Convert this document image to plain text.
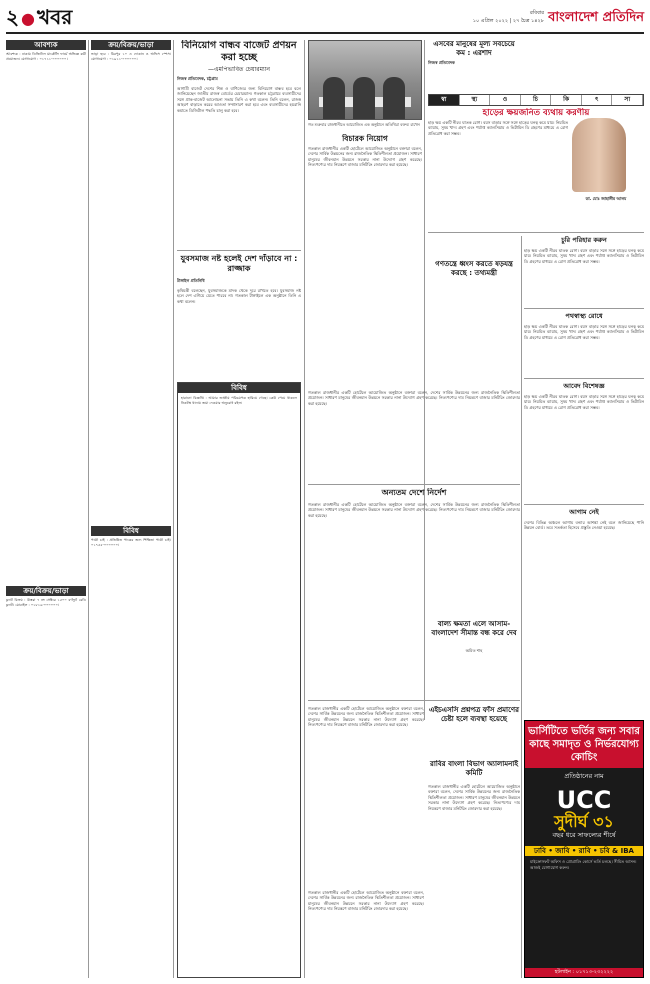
২ ● খবর	রবিবার
১০ এপ্রিল ২০২২ | ২৭ চৈত্র ১৪২৮ বাংলাদেশ প্রতিদিন
আবশ্যক
আবশ্যক : ঢাকায় ডিজিটাল মার্কেটিং ফার্মে অভিজ্ঞ কর্মী প্রয়োজন। যোগাযোগ : ০১৭১১-০০০০০০।
ক্রয়/বিক্রয়/ভাড়া
ফ্ল্যাট বিক্রয় : উত্তরা ৭ নং সেক্টরে ১৫০০ বর্গফুট রেডি ফ্ল্যাট। মোবাইল : ০১৮১৯-০০০০০০।
ক্রয়/বিক্রয়/ভাড়া
ভাড়া হবে : মিরপুর ১০ এ দোকান ও অফিস স্পেস। যোগাযোগ : ০১৯১১-০০০০০০।
বিবিধ
পাত্রী চাই : প্রতিষ্ঠিত পাত্রের জন্য শিক্ষিতা পাত্রী চাই। ০১৭৫৫-০০০০০০।
বিনিয়োগ বান্ধব বাজেট প্রণয়ন করা হচ্ছে
—এমপিভাবিত চেয়ারম্যান
নিজস্ব প্রতিবেদক, চট্টগ্রাম
আগামী বাজেট দেশের শিল্প ও বাণিজ্যের জন্য বিনিয়োগ বান্ধব হবে বলে জানিয়েছেন জাতীয় রাজস্ব বোর্ডের চেয়ারম্যান। গতকাল চট্টগ্রামে ব্যবসায়ীদের সঙ্গে প্রাক-বাজেট আলোচনা সভায় তিনি এ কথা বলেন। তিনি বলেন, রাজস্ব আহরণ বাড়াতে করের আওতা সম্প্রসারণ করা হবে এবং ব্যবসায়ীদের হয়রানি কমাতে ডিজিটাল পদ্ধতি চালু করা হবে।
যুবসমাজ নষ্ট হলেই দেশ দাঁড়াবে না : রাজ্জাক
টাঙ্গাইল প্রতিনিধি
কৃষিমন্ত্রী বলেছেন, যুবসমাজকে মাদক থেকে দূরে রাখতে হবে। যুবসমাজ নষ্ট হলে দেশ এগিয়ে যেতে পারবে না। গতকাল টাঙ্গাইলে এক অনুষ্ঠানে তিনি এ কথা বলেন।
বিবিধ
হারানো বিজ্ঞপ্তি : আমার জাতীয় পরিচয়পত্র হারিয়ে গেছে। কেউ পেয়ে থাকলে নিকটস্থ থানায় জমা দেওয়ার অনুরোধ রইল।
গত শুক্রবার রাজধানীতে আয়োজিত এক অনুষ্ঠানে অতিথিরা বক্তব্য রাখেন
বিচারক নিয়োগ
গতকাল রাজধানীর একটি হোটেলে আয়োজিত অনুষ্ঠানে বক্তারা বলেন, দেশের সার্বিক উন্নয়নের জন্য রাজনৈতিক স্থিতিশীলতা প্রয়োজন। সাধারণ মানুষের জীবনমান উন্নয়নে সরকার নানা উদ্যোগ গ্রহণ করেছে। নিত্যপণ্যের দাম নিয়ন্ত্রণে বাজার মনিটরিং জোরদার করা হয়েছে।
এসবের মানুষের মূল্য সবচেয়ে কম : এরশাদ
নিজস্ব প্রতিবেদক
গতকাল রাজধানীর একটি হোটেলে আয়োজিত অনুষ্ঠানে বক্তারা বলেন, দেশের সার্বিক উন্নয়নের জন্য রাজনৈতিক স্থিতিশীলতা প্রয়োজন। সাধারণ মানুষের জীবনমান উন্নয়নে সরকার নানা উদ্যোগ গ্রহণ করেছে। নিত্যপণ্যের দাম নিয়ন্ত্রণে বাজার মনিটরিং জোরদার করা হয়েছে।
গণতন্ত্রে ধ্বংস করতে ষড়যন্ত্র করছে : তথ্যমন্ত্রী
অন্যতম দেশে নির্দেশ
গতকাল রাজধানীর একটি হোটেলে আয়োজিত অনুষ্ঠানে বক্তারা বলেন, দেশের সার্বিক উন্নয়নের জন্য রাজনৈতিক স্থিতিশীলতা প্রয়োজন। সাধারণ মানুষের জীবনমান উন্নয়নে সরকার নানা উদ্যোগ গ্রহণ করেছে। নিত্যপণ্যের দাম নিয়ন্ত্রণে বাজার মনিটরিং জোরদার করা হয়েছে।
বাল্য ক্ষমতা এলে আসাম-বাংলাদেশ সীমান্ত বন্ধ করে দেব
অমিত শাহ
এইচএসসি প্রশ্নপত্র ফাঁস প্রমাণের চেষ্টা হলে ব্যবস্থা হয়েছে
গতকাল রাজধানীর একটি হোটেলে আয়োজিত অনুষ্ঠানে বক্তারা বলেন, দেশের সার্বিক উন্নয়নের জন্য রাজনৈতিক স্থিতিশীলতা প্রয়োজন। সাধারণ মানুষের জীবনমান উন্নয়নে সরকার নানা উদ্যোগ গ্রহণ করেছে। নিত্যপণ্যের দাম নিয়ন্ত্রণে বাজার মনিটরিং জোরদার করা হয়েছে।
রাবির বাংলা বিভাগ অ্যালামনাই কমিটি
গতকাল রাজধানীর একটি হোটেলে আয়োজিত অনুষ্ঠানে বক্তারা বলেন, দেশের সার্বিক উন্নয়নের জন্য রাজনৈতিক স্থিতিশীলতা প্রয়োজন। সাধারণ মানুষের জীবনমান উন্নয়নে সরকার নানা উদ্যোগ গ্রহণ করেছে। নিত্যপণ্যের দাম নিয়ন্ত্রণে বাজার মনিটরিং জোরদার করা হয়েছে।
গতকাল রাজধানীর একটি হোটেলে আয়োজিত অনুষ্ঠানে বক্তারা বলেন, দেশের সার্বিক উন্নয়নের জন্য রাজনৈতিক স্থিতিশীলতা প্রয়োজন। সাধারণ মানুষের জীবনমান উন্নয়নে সরকার নানা উদ্যোগ গ্রহণ করেছে। নিত্যপণ্যের দাম নিয়ন্ত্রণে বাজার মনিটরিং জোরদার করা হয়েছে।
স্বা	স্থ্য	ও	চি	কি	ৎ	সা
হাড়ের ক্ষয়জনিত ব্যথায় করণীয়
হাড় ক্ষয় একটি নীরব ঘাতক রোগ। বয়স বাড়ার সঙ্গে সঙ্গে হাড়ের ঘনত্ব কমে যায়। নিয়মিত ব্যায়াম, সুষম খাদ্য গ্রহণ এবং পর্যাপ্ত ক্যালসিয়াম ও ভিটামিন ডি গ্রহণের মাধ্যমে এ রোগ প্রতিরোধ করা সম্ভব।
ডা. মোঃ জাহাঙ্গীর আলম
চুরি পরিহার করুন
হাড় ক্ষয় একটি নীরব ঘাতক রোগ। বয়স বাড়ার সঙ্গে সঙ্গে হাড়ের ঘনত্ব কমে যায়। নিয়মিত ব্যায়াম, সুষম খাদ্য গ্রহণ এবং পর্যাপ্ত ক্যালসিয়াম ও ভিটামিন ডি গ্রহণের মাধ্যমে এ রোগ প্রতিরোধ করা সম্ভব।
পথস্বাস্থ্য রোধে
হাড় ক্ষয় একটি নীরব ঘাতক রোগ। বয়স বাড়ার সঙ্গে সঙ্গে হাড়ের ঘনত্ব কমে যায়। নিয়মিত ব্যায়াম, সুষম খাদ্য গ্রহণ এবং পর্যাপ্ত ক্যালসিয়াম ও ভিটামিন ডি গ্রহণের মাধ্যমে এ রোগ প্রতিরোধ করা সম্ভব।
আবেদ বিশেষজ্ঞ
হাড় ক্ষয় একটি নীরব ঘাতক রোগ। বয়স বাড়ার সঙ্গে সঙ্গে হাড়ের ঘনত্ব কমে যায়। নিয়মিত ব্যায়াম, সুষম খাদ্য গ্রহণ এবং পর্যাপ্ত ক্যালসিয়াম ও ভিটামিন ডি গ্রহণের মাধ্যমে এ রোগ প্রতিরোধ করা সম্ভব।
আগাম নেই
দেশের বিভিন্ন অঞ্চলে আগাম বন্যার আশঙ্কা নেই বলে জানিয়েছে পানি উন্নয়ন বোর্ড। তবে সতর্কতা হিসেবে প্রস্তুতি নেওয়া হয়েছে।
ভার্সিটিতে ভর্তির জন্য সবার কাছে সমাদৃত ও নির্ভরযোগ্য কোচিং
প্রতিষ্ঠানের নাম
UCC
সুদীর্ঘ ৩১
বছর ধরে সাফল্যের শীর্ষে
ঢাবি • জাবি • রাবি • চবি & IBA
মাইক্রোসফট অফিস ও প্রোগ্রামিং কোর্সে ভর্তি চলছে। সীমিত আসন। আজই যোগাযোগ করুন।
হটলাইন : ০১৭১৩-২৩২২২২
